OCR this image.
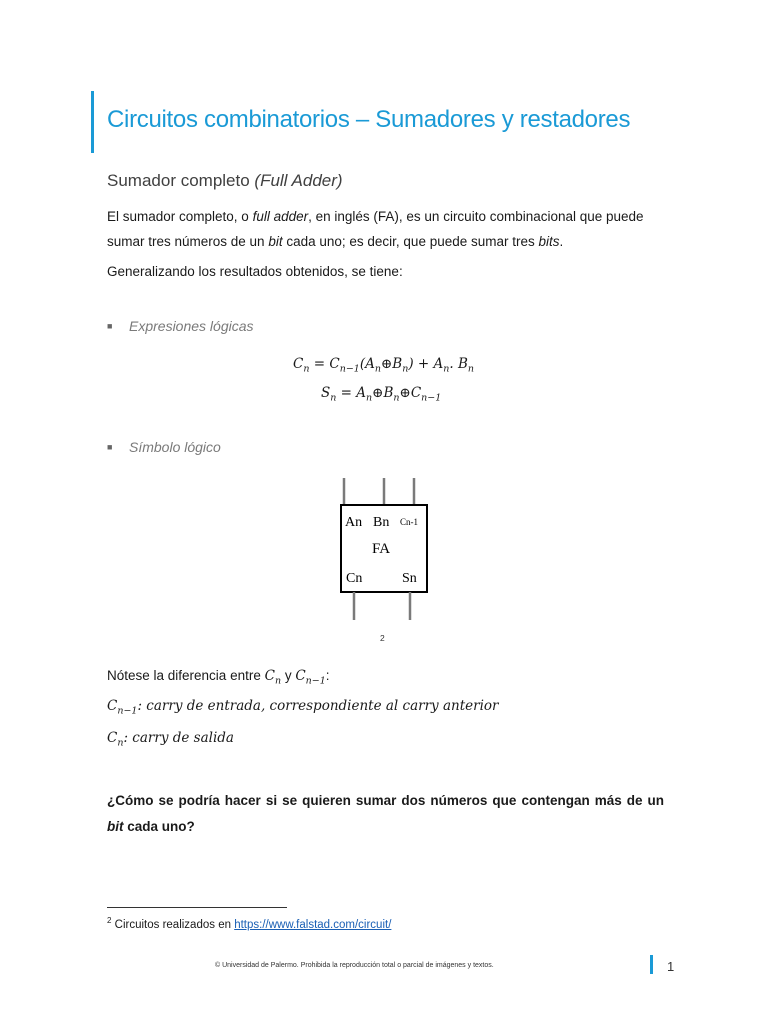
Circuitos combinatorios – Sumadores y restadores
Sumador completo (Full Adder)
El sumador completo, o full adder, en inglés (FA), es un circuito combinacional que puede sumar tres números de un bit cada uno; es decir, que puede sumar tres bits.
Generalizando los resultados obtenidos, se tiene:
■ Expresiones lógicas
$C_n$ = $C_{n-1}(A_n\oplus B_n) + A_n$. $B_n$
$S_n$ = $A_n\oplus B_n\oplus C_{n-1}$
■ Símbolo lógico
An Bn Cn-1
FA
Cn	Sn
2
Nótese la diferencia entre $C_n$ y $C_{n-1}$:
$C_{n-1}$: carry de entrada, correspondiente al carry anterior
$C_n$: carry de salida
¿Cómo se podría hacer si se quieren sumar dos números que contengan más de un bit cada uno?
$^2$ Circuitos realizados en https://www.falstad.com/circuit/
© Universidad de Palermo. Prohibida la reproducción total o parcial de imágenes y textos.	1
